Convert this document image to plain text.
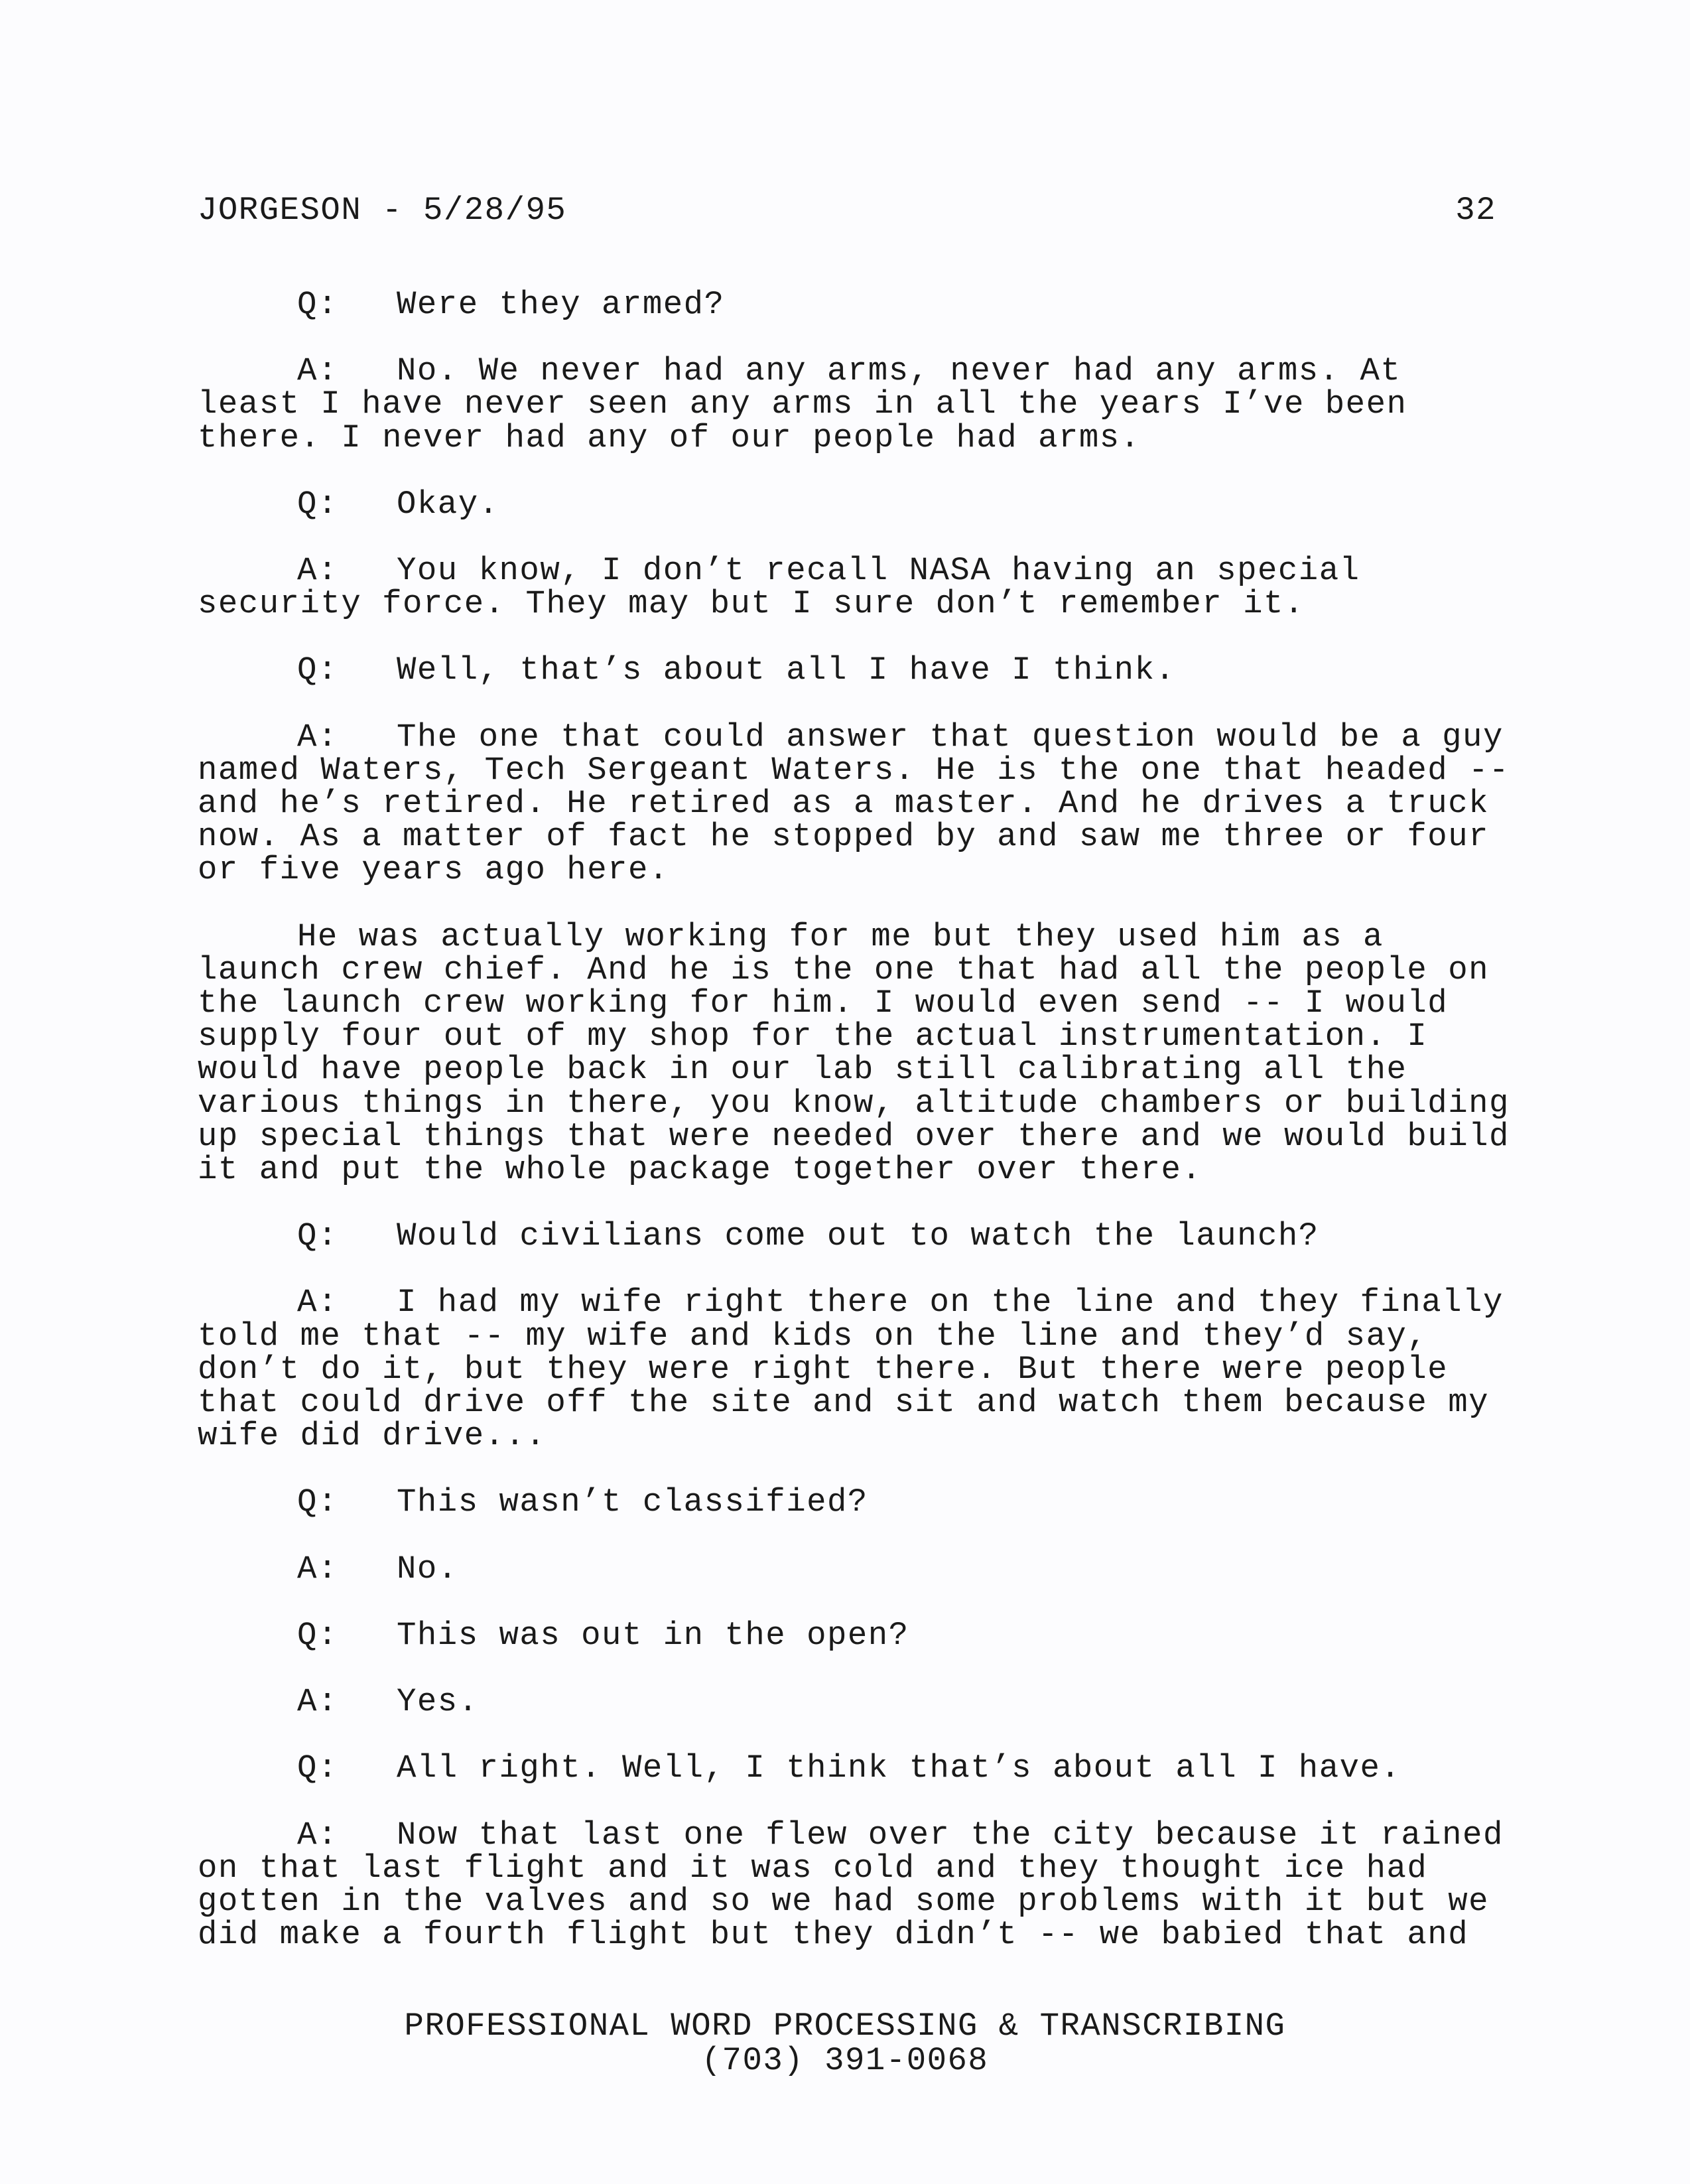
JORGESON - 5/28/95	32

Q: Were they armed?

A: No. We never had any arms, never had any arms. At least I have never seen any arms in all the years I’ve been there. I never had any of our people had arms.

Q: Okay.

A: You know, I don’t recall NASA having an special security force. They may but I sure don’t remember it.

Q: Well, that’s about all I have I think.

A: The one that could answer that question would be a guy named Waters, Tech Sergeant Waters. He is the one that headed -- and he’s retired. He retired as a master. And he drives a truck now. As a matter of fact he stopped by and saw me three or four or five years ago here.

He was actually working for me but they used him as a launch crew chief. And he is the one that had all the people on the launch crew working for him. I would even send -- I would supply four out of my shop for the actual instrumentation. I would have people back in our lab still calibrating all the various things in there, you know, altitude chambers or building up special things that were needed over there and we would build it and put the whole package together over there.

Q: Would civilians come out to watch the launch?

A: I had my wife right there on the line and they finally told me that -- my wife and kids on the line and they’d say, don’t do it, but they were right there. But there were people that could drive off the site and sit and watch them because my wife did drive...

Q: This wasn’t classified?

A: No.

Q: This was out in the open?

A: Yes.

Q: All right. Well, I think that’s about all I have.

A: Now that last one flew over the city because it rained on that last flight and it was cold and they thought ice had gotten in the valves and so we had some problems with it but we did make a fourth flight but they didn’t -- we babied that and

PROFESSIONAL WORD PROCESSING & TRANSCRIBING
(703) 391-0068
